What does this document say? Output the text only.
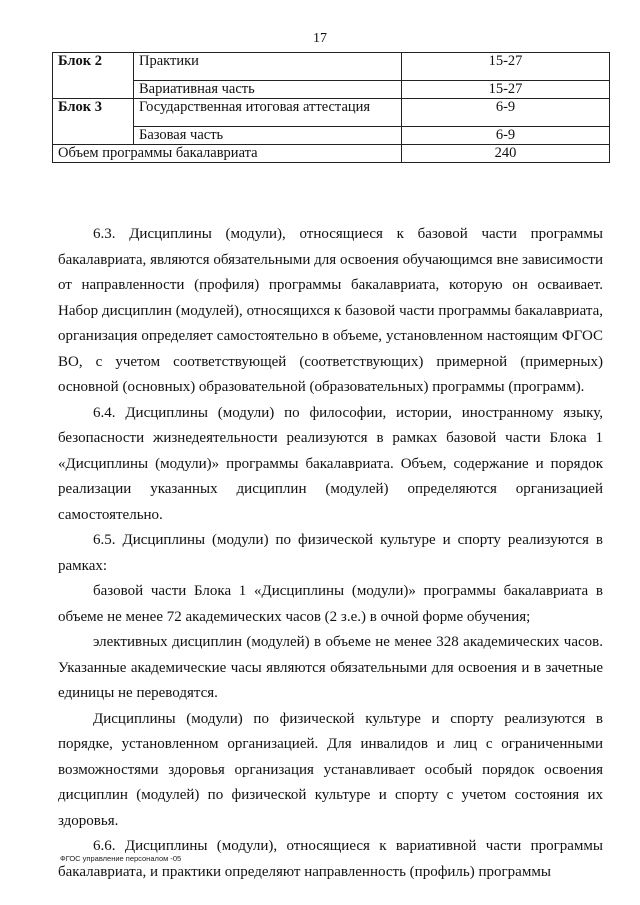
17
Блок 2	Практики	15-27
	Вариативная часть	15-27
Блок 3	Государственная итоговая аттестация	6-9
	Базовая часть	6-9
Объем программы бакалавриата		240

6.3. Дисциплины (модули), относящиеся к базовой части программы бакалавриата, являются обязательными для освоения обучающимся вне зависимости от направленности (профиля) программы бакалавриата, которую он осваивает. Набор дисциплин (модулей), относящихся к базовой части программы бакалавриата, организация определяет самостоятельно в объеме, установленном настоящим ФГОС ВО, с учетом соответствующей (соответствующих) примерной (примерных) основной (основных) образовательной (образовательных) программы (программ).

6.4. Дисциплины (модули) по философии, истории, иностранному языку, безопасности жизнедеятельности реализуются в рамках базовой части Блока 1 «Дисциплины (модули)» программы бакалавриата. Объем, содержание и порядок реализации указанных дисциплин (модулей) определяются организацией самостоятельно.

6.5. Дисциплины (модули) по физической культуре и спорту реализуются в рамках:

базовой части Блока 1 «Дисциплины (модули)» программы бакалавриата в объеме не менее 72 академических часов (2 з.е.) в очной форме обучения;

элективных дисциплин (модулей) в объеме не менее 328 академических часов. Указанные академические часы являются обязательными для освоения и в зачетные единицы не переводятся.

Дисциплины (модули) по физической культуре и спорту реализуются в порядке, установленном организацией. Для инвалидов и лиц с ограниченными возможностями здоровья организация устанавливает особый порядок освоения дисциплин (модулей) по физической культуре и спорту с учетом состояния их здоровья.

6.6. Дисциплины (модули), относящиеся к вариативной части программы бакалавриата, и практики определяют направленность (профиль) программы

ФГОС управление персоналом -05
